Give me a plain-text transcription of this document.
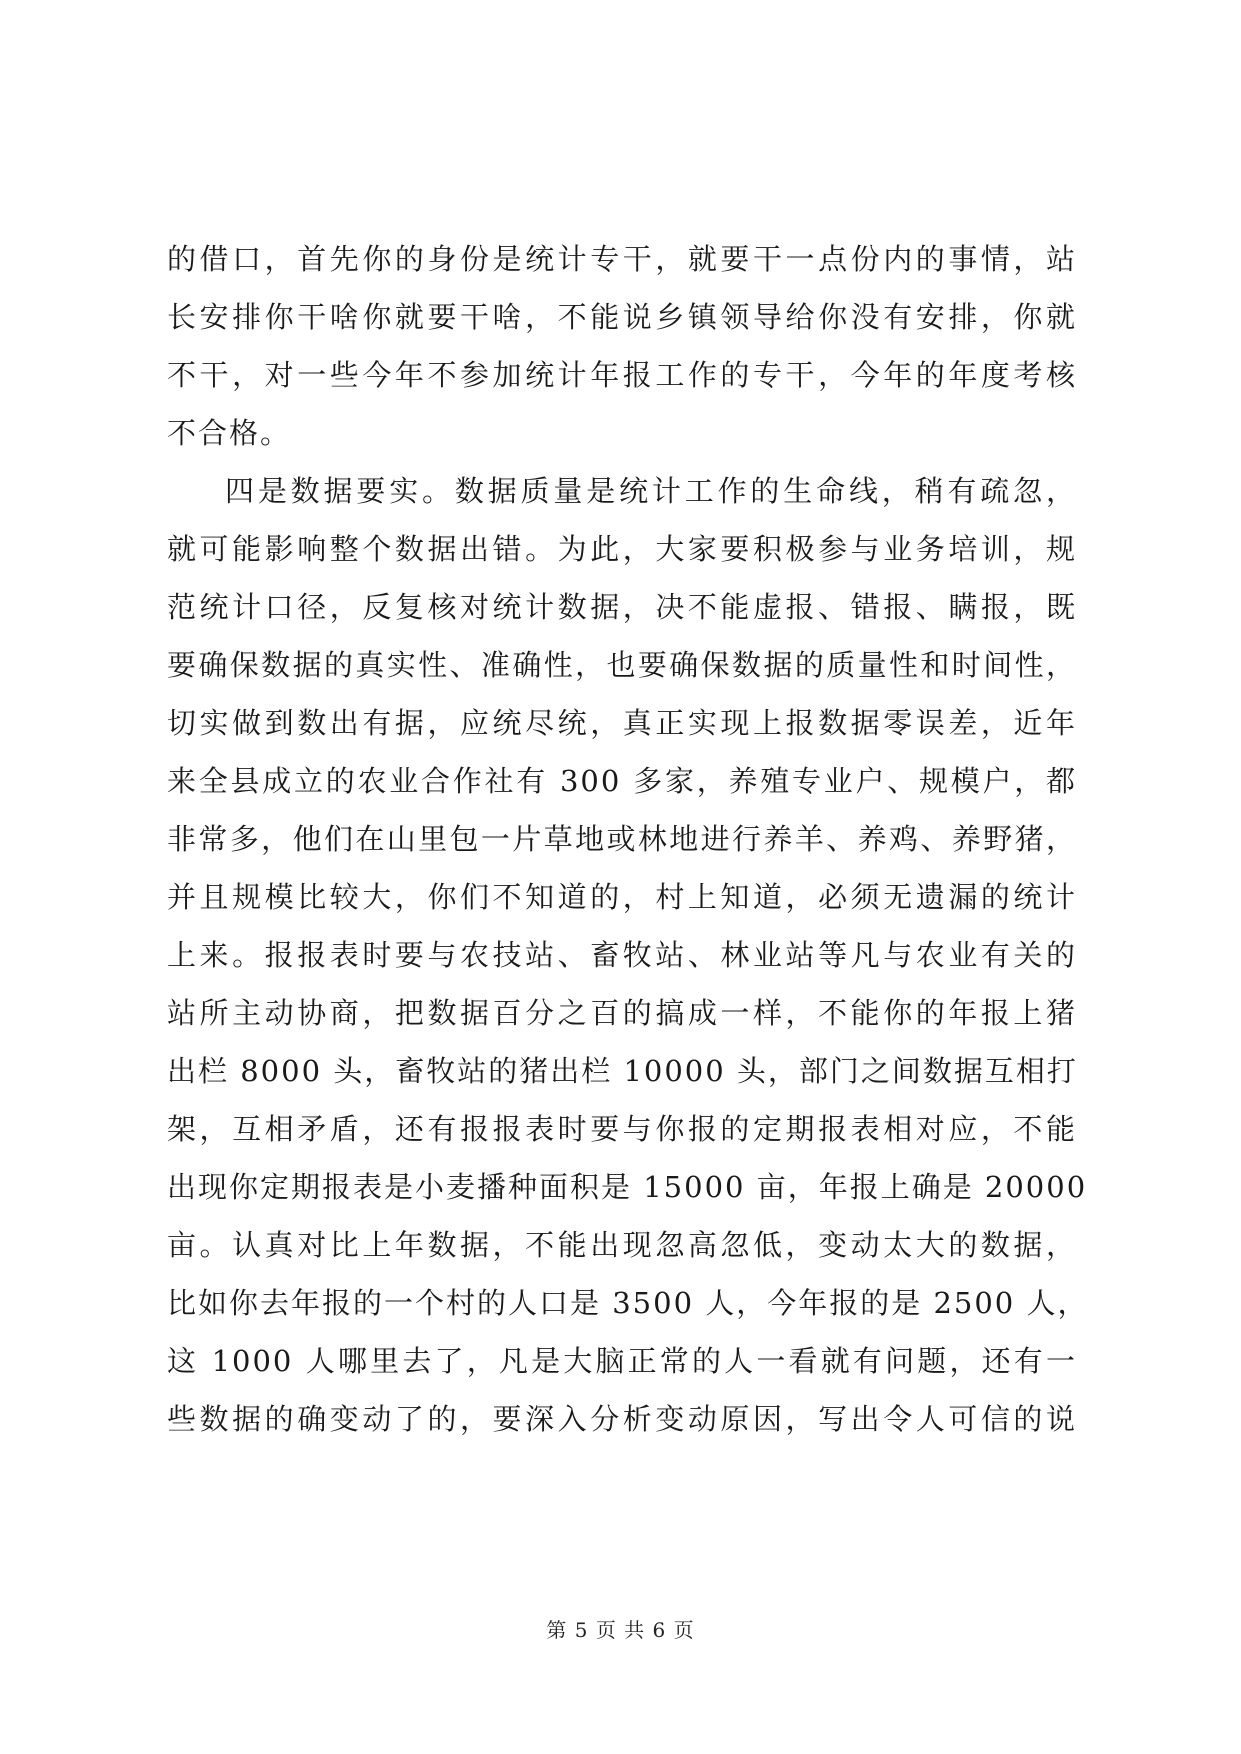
的借口，首先你的身份是统计专干，就要干一点份内的事情，站
长安排你干啥你就要干啥，不能说乡镇领导给你没有安排，你就
不干，对一些今年不参加统计年报工作的专干，今年的年度考核
不合格。
四是数据要实。数据质量是统计工作的生命线，稍有疏忽，
就可能影响整个数据出错。为此，大家要积极参与业务培训，规
范统计口径，反复核对统计数据，决不能虚报、错报、瞒报，既
要确保数据的真实性、准确性，也要确保数据的质量性和时间性，
切实做到数出有据，应统尽统，真正实现上报数据零误差，近年
来全县成立的农业合作社有 300 多家，养殖专业户、规模户，都
非常多，他们在山里包一片草地或林地进行养羊、养鸡、养野猪，
并且规模比较大，你们不知道的，村上知道，必须无遗漏的统计
上来。报报表时要与农技站、畜牧站、林业站等凡与农业有关的
站所主动协商，把数据百分之百的搞成一样，不能你的年报上猪
出栏 8000 头，畜牧站的猪出栏 10000 头，部门之间数据互相打
架，互相矛盾，还有报报表时要与你报的定期报表相对应，不能
出现你定期报表是小麦播种面积是 15000 亩，年报上确是 20000
亩。认真对比上年数据，不能出现忽高忽低，变动太大的数据，
比如你去年报的一个村的人口是 3500 人，今年报的是 2500 人，
这 1000 人哪里去了，凡是大脑正常的人一看就有问题，还有一
些数据的确变动了的，要深入分析变动原因，写出令人可信的说
第 5 页 共 6 页
